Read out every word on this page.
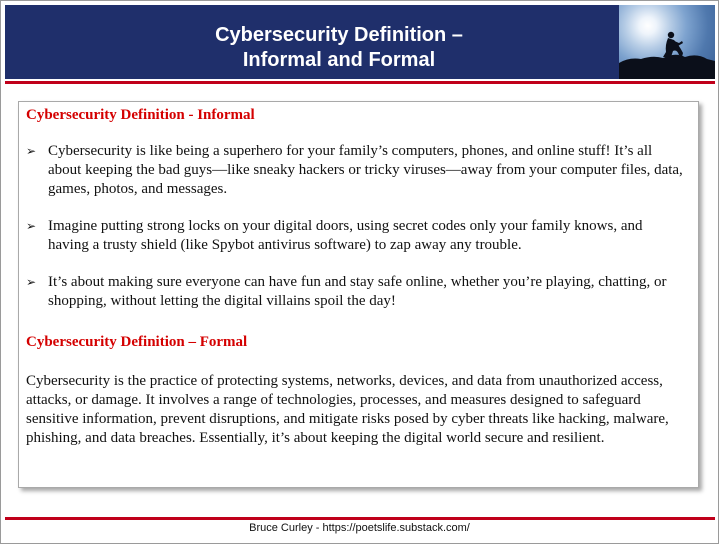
Cybersecurity Definition –
Informal and Formal
Cybersecurity Definition - Informal
➢ Cybersecurity is like being a superhero for your family’s computers, phones, and online stuff! It’s all about keeping the bad guys—like sneaky hackers or tricky viruses—away from your computer files, data, games, photos, and messages.
➢ Imagine putting strong locks on your digital doors, using secret codes only your family knows, and having a trusty shield (like Spybot antivirus software) to zap away any trouble.
➢ It’s about making sure everyone can have fun and stay safe online, whether you’re playing, chatting, or shopping, without letting the digital villains spoil the day!
Cybersecurity Definition – Formal
Cybersecurity is the practice of protecting systems, networks, devices, and data from unauthorized access, attacks, or damage. It involves a range of technologies, processes, and measures designed to safeguard sensitive information, prevent disruptions, and mitigate risks posed by cyber threats like hacking, malware, phishing, and data breaches. Essentially, it’s about keeping the digital world secure and resilient.
Bruce Curley - https://poetslife.substack.com/
